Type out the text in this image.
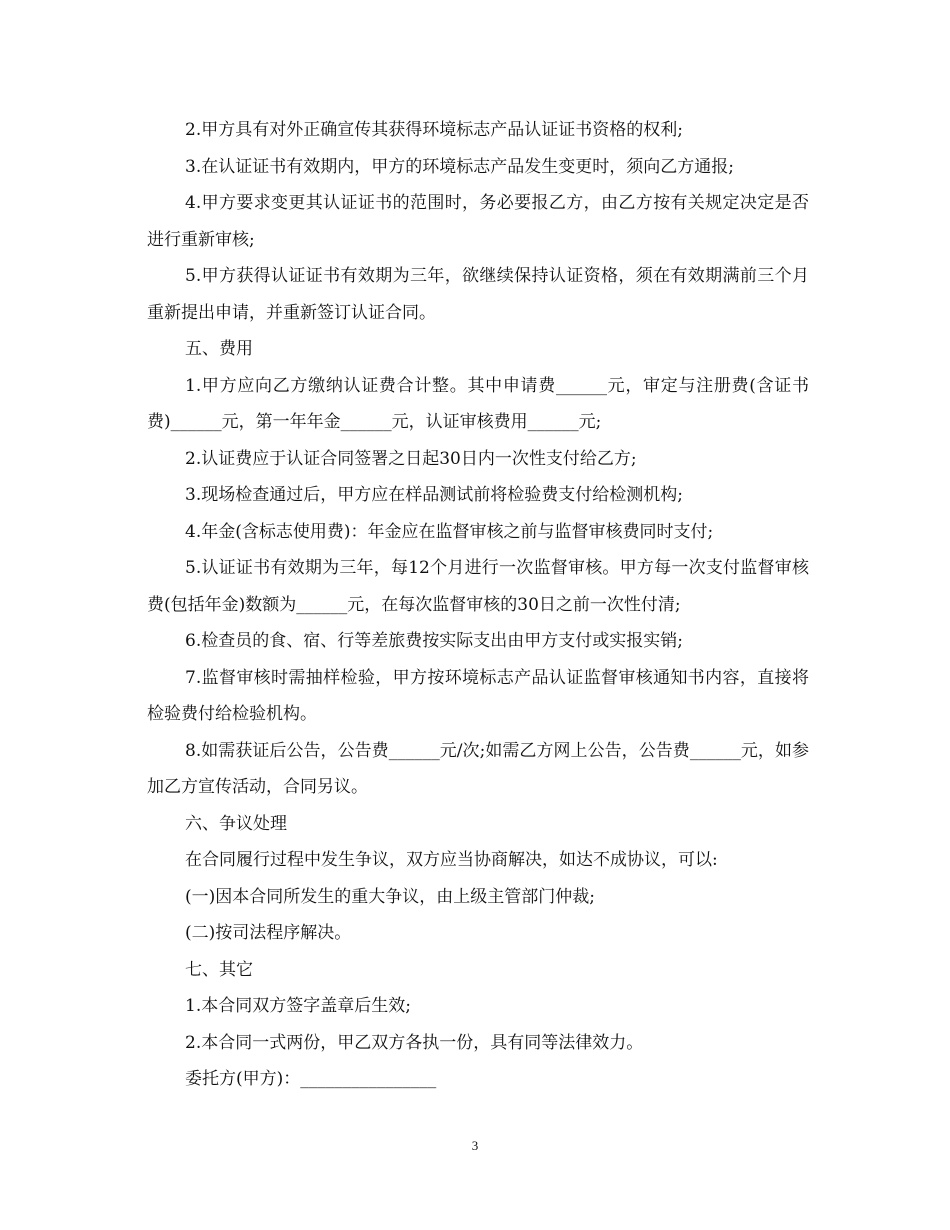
2.甲方具有对外正确宣传其获得环境标志产品认证证书资格的权利;

3.在认证证书有效期内，甲方的环境标志产品发生变更时，须向乙方通报;

4.甲方要求变更其认证证书的范围时，务必要报乙方，由乙方按有关规定决定是否进行重新审核;

5.甲方获得认证证书有效期为三年，欲继续保持认证资格，须在有效期满前三个月重新提出申请，并重新签订认证合同。

五、费用

1.甲方应向乙方缴纳认证费合计整。其中申请费______元，审定与注册费(含证书费)______元，第一年年金______元，认证审核费用______元;

2.认证费应于认证合同签署之日起30日内一次性支付给乙方;

3.现场检查通过后，甲方应在样品测试前将检验费支付给检测机构;

4.年金(含标志使用费)：年金应在监督审核之前与监督审核费同时支付;

5.认证证书有效期为三年，每12个月进行一次监督审核。甲方每一次支付监督审核费(包括年金)数额为______元，在每次监督审核的30日之前一次性付清;

6.检查员的食、宿、行等差旅费按实际支出由甲方支付或实报实销;

7.监督审核时需抽样检验，甲方按环境标志产品认证监督审核通知书内容，直接将检验费付给检验机构。

8.如需获证后公告，公告费______元/次;如需乙方网上公告，公告费______元，如参加乙方宣传活动，合同另议。

六、争议处理

在合同履行过程中发生争议，双方应当协商解决，如达不成协议，可以:

(一)因本合同所发生的重大争议，由上级主管部门仲裁;

(二)按司法程序解决。

七、其它

1.本合同双方签字盖章后生效;

2.本合同一式两份，甲乙双方各执一份，具有同等法律效力。

委托方(甲方)：________________

3
